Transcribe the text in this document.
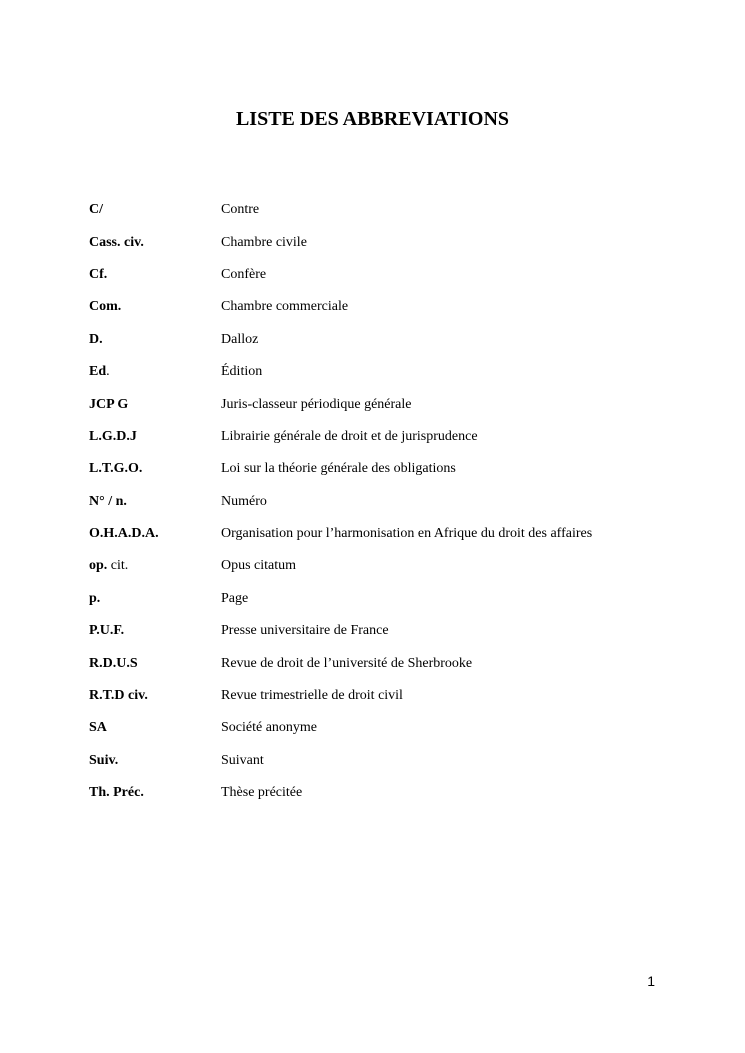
LISTE DES ABBREVIATIONS
C/	Contre
Cass. civ.	Chambre civile
Cf.	Confère
Com.	Chambre commerciale
D.	Dalloz
Ed.	Édition
JCP G	Juris-classeur périodique générale
L.G.D.J	Librairie générale de droit et de jurisprudence
L.T.G.O.	Loi sur la théorie générale des obligations
N° / n.	Numéro
O.H.A.D.A.	Organisation pour l’harmonisation en Afrique du droit des affaires
op. cit.	Opus citatum
p.	Page
P.U.F.	Presse universitaire de France
R.D.U.S	Revue de droit de l’université de Sherbrooke
R.T.D civ.	Revue trimestrielle de droit civil
SA	Société anonyme
Suiv.	Suivant
Th. Préc.	Thèse précitée
1
